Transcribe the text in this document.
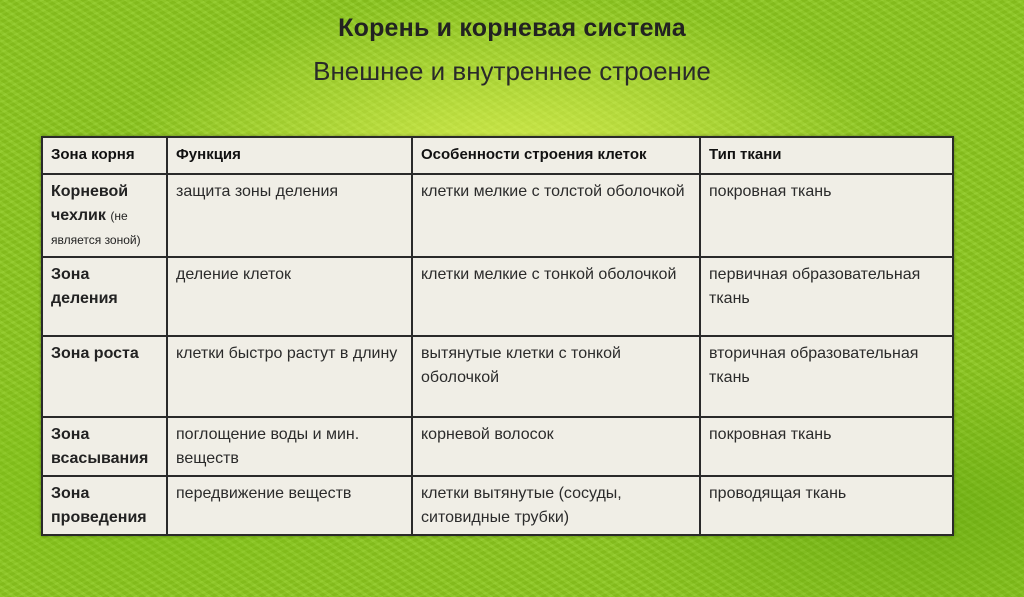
Корень и корневая система
Внешнее и внутреннее строение
Зона корня	Функция	Особенности строения клеток	Тип ткани
Корневой чехлик (не является зоной)	защита зоны деления	клетки мелкие с толстой оболочкой	покровная ткань
Зона деления	деление клеток	клетки мелкие с тонкой оболочкой	первичная образовательная ткань
Зона роста	клетки быстро растут в длину	вытянутые клетки с тонкой оболочкой	вторичная образовательная ткань
Зона всасывания	поглощение воды и мин. веществ	корневой волосок	покровная ткань
Зона проведения	передвижение веществ	клетки вытянутые (сосуды, ситовидные трубки)	проводящая ткань
